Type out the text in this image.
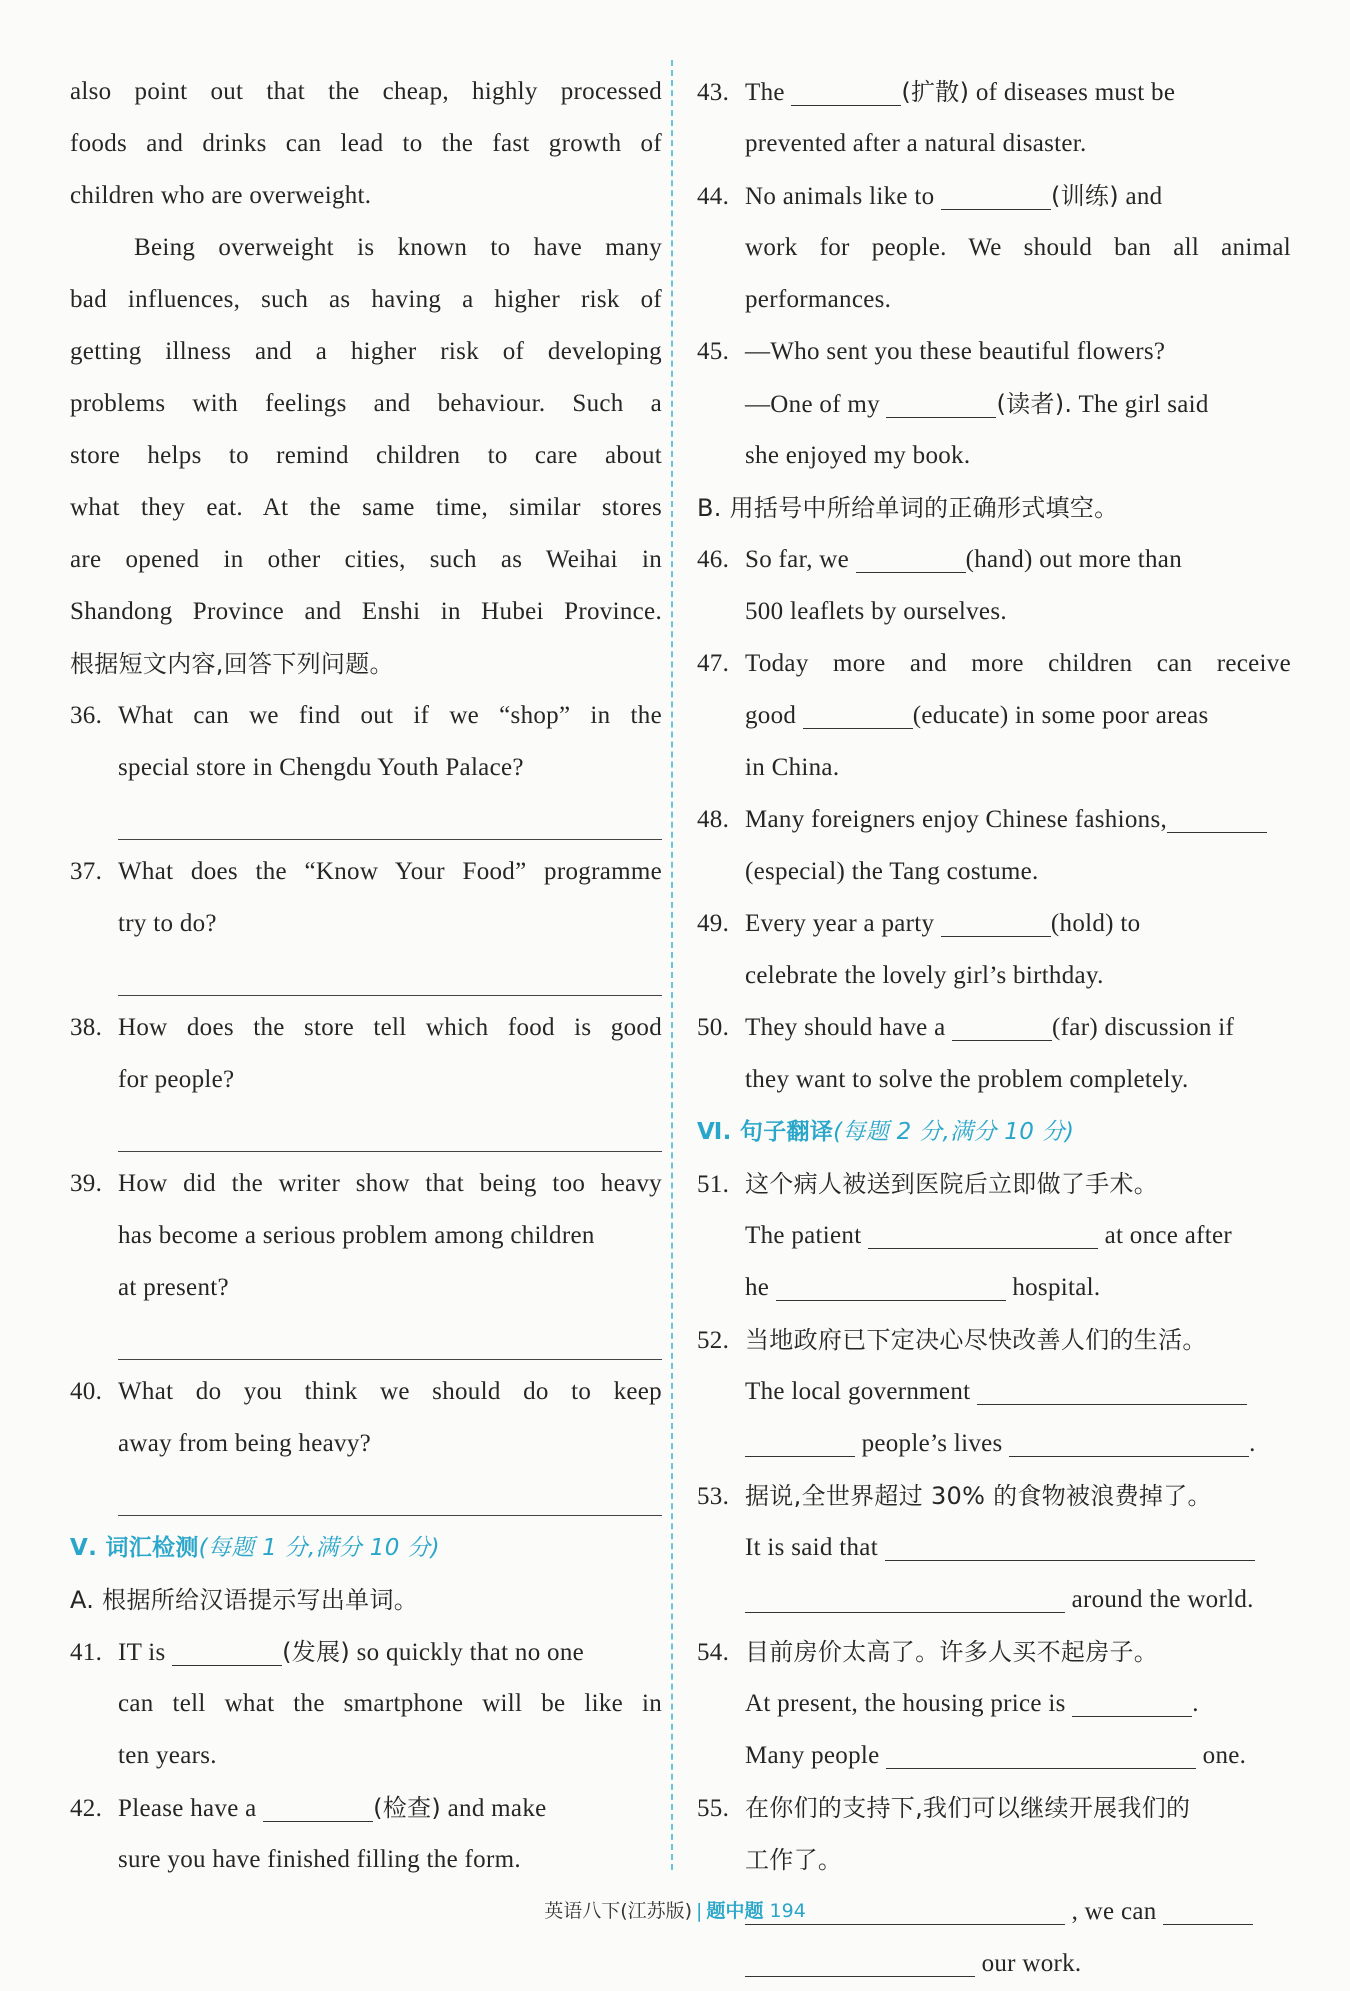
also point out that the cheap, highly processed
foods and drinks can lead to the fast growth of
children who are overweight.
Being overweight is known to have many
bad influences, such as having a higher risk of
getting illness and a higher risk of developing
problems with feelings and behaviour. Such a
store helps to remind children to care about
what they eat. At the same time, similar stores
are opened in other cities, such as Weihai in
Shandong Province and Enshi in Hubei Province.
根据短文内容,回答下列问题。
36. What can we find out if we “shop” in the
special store in Chengdu Youth Palace?
37. What does the “Know Your Food” programme
try to do?
38. How does the store tell which food is good
for people?
39. How did the writer show that being too heavy
has become a serious problem among children
at present?
40. What do you think we should do to keep
away from being heavy?
Ⅴ. 词汇检测(每题 1 分,满分 10 分)
A. 根据所给汉语提示写出单词。
41. IT is	(发展) so quickly that no one
can tell what the smartphone will be like in
ten years.
42. Please have a	(检查) and make
sure you have finished filling the form.
43. The	(扩散) of diseases must be
prevented after a natural disaster.
44. No animals like to	(训练) and
work for people. We should ban all animal
performances.
45. —Who sent you these beautiful flowers?
—One of my	(读者). The girl said
she enjoyed my book.
B. 用括号中所给单词的正确形式填空。
46. So far, we	(hand) out more than
500 leaflets by ourselves.
47. Today more and more children can receive
good	(educate) in some poor areas
in China.
48. Many foreigners enjoy Chinese fashions,
(especial) the Tang costume.
49. Every year a party	(hold) to
celebrate the lovely girl’s birthday.
50. They should have a	(far) discussion if
they want to solve the problem completely.
Ⅵ. 句子翻译(每题 2 分,满分 10 分)
51. 这个病人被送到医院后立即做了手术。
The patient	at once after
he	hospital.
52. 当地政府已下定决心尽快改善人们的生活。
The local government
people’s lives	.
53. 据说,全世界超过 30% 的食物被浪费掉了。
It is said that
around the world.
54. 目前房价太高了。许多人买不起房子。
At present, the housing price is	.
Many people	one.
55. 在你们的支持下,我们可以继续开展我们的
工作了。
, we can
our work.
英语八下(江苏版) | 题中题 194
